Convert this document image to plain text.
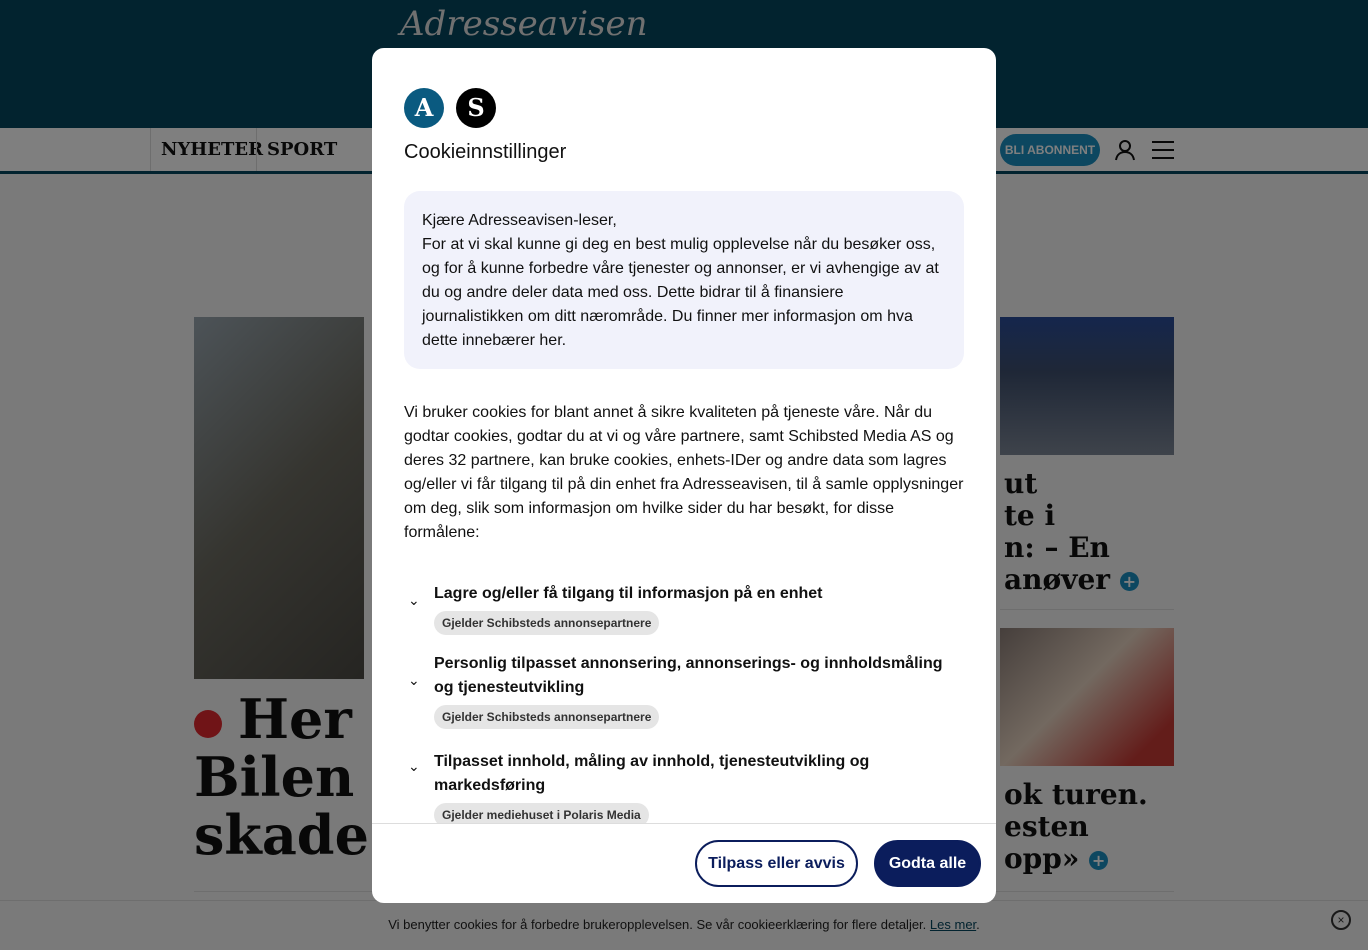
A	S
Cookieinnstillinger
Kjære Adresseavisen-leser,
For at vi skal kunne gi deg en best mulig opplevelse når du besøker oss, og for å kunne forbedre våre tjenester og annonser, er vi avhengige av at du og andre deler data med oss. Dette bidrar til å finansiere journalistikken om ditt nærområde. Du finner mer informasjon om hva dette innebærer her.
Vi bruker cookies for blant annet å sikre kvaliteten på tjeneste våre. Når du godtar cookies, godtar du at vi og våre partnere, samt Schibsted Media AS og deres 32 partnere, kan bruke cookies, enhets-IDer og andre data som lagres og/eller vi får tilgang til på din enhet fra Adresseavisen, til å samle opplysninger om deg, slik som informasjon om hvilke sider du har besøkt, for disse formålene:
⌄ Lagre og/eller få tilgang til informasjon på en enhet
Gjelder Schibsteds annonsepartnere
⌄
Personlig tilpasset annonsering, annonserings- og innholdsmåling og tjenesteutvikling
Gjelder Schibsteds annonsepartnere
⌄ Tilpasset innhold, måling av innhold, tjenesteutvikling og markedsføring
Gjelder mediehuset i Polaris Media
Tilpass eller avvis	Godta alle
